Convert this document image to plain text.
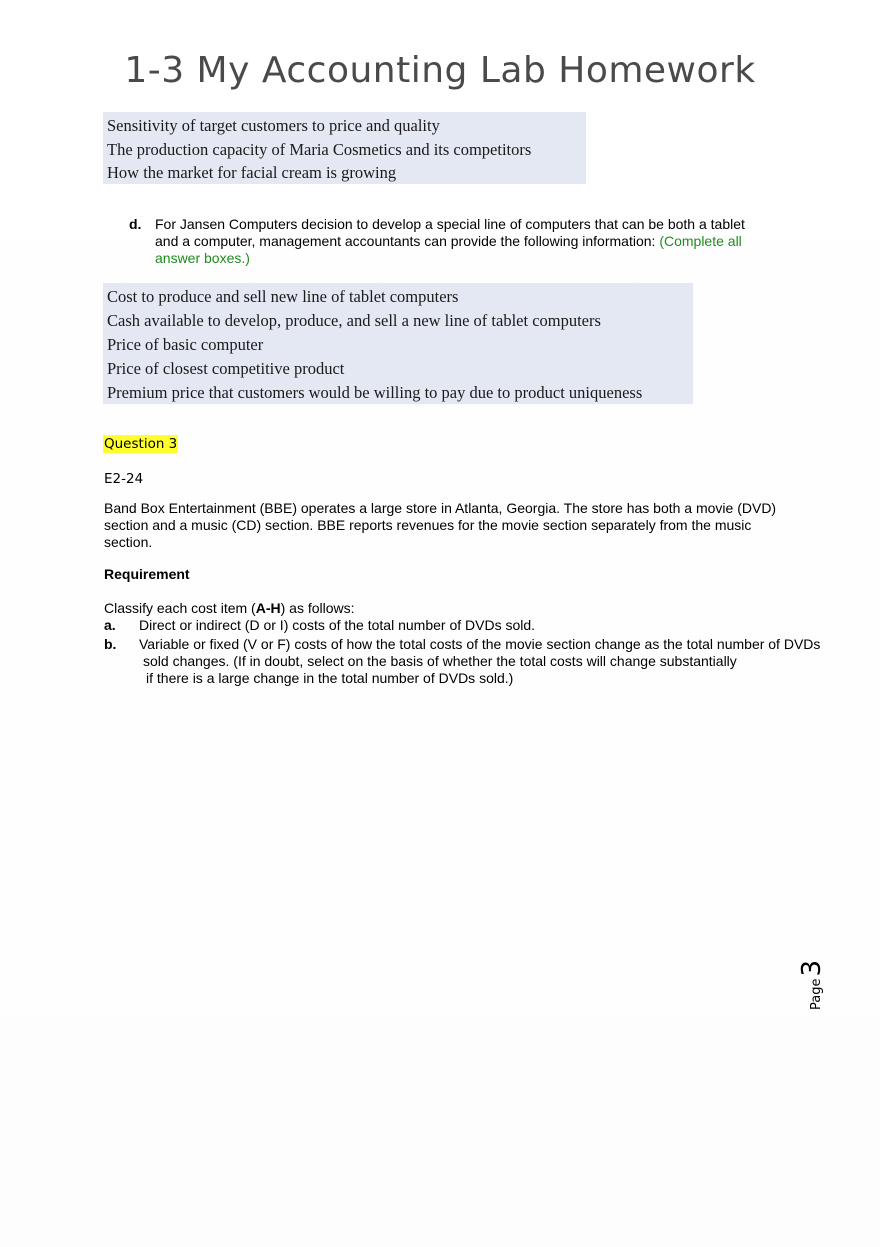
1-3 My Accounting Lab Homework
Sensitivity of target customers to price and quality
The production capacity of Maria Cosmetics and its competitors
How the market for facial cream is growing
d. For Jansen Computers decision to develop a special line of computers that can be both a tablet and a computer, management accountants can provide the following information: (Complete all answer boxes.)
Cost to produce and sell new line of tablet computers
Cash available to develop, produce, and sell a new line of tablet computers
Price of basic computer
Price of closest competitive product
Premium price that customers would be willing to pay due to product uniqueness
Question 3
E2-24
Band Box Entertainment (BBE) operates a large store in Atlanta, Georgia. The store has both a movie (DVD) section and a music (CD) section. BBE reports revenues for the movie section separately from the music section.
Requirement
Classify each cost item (A-H) as follows:
a. Direct or indirect (D or I) costs of the total number of DVDs sold.
b. Variable or fixed (V or F) costs of how the total costs of the movie section change as the total number of DVDs
sold changes. (If in doubt, select on the basis of whether the total costs will change substantially
if there is a large change in the total number of DVDs sold.)
Page
3
